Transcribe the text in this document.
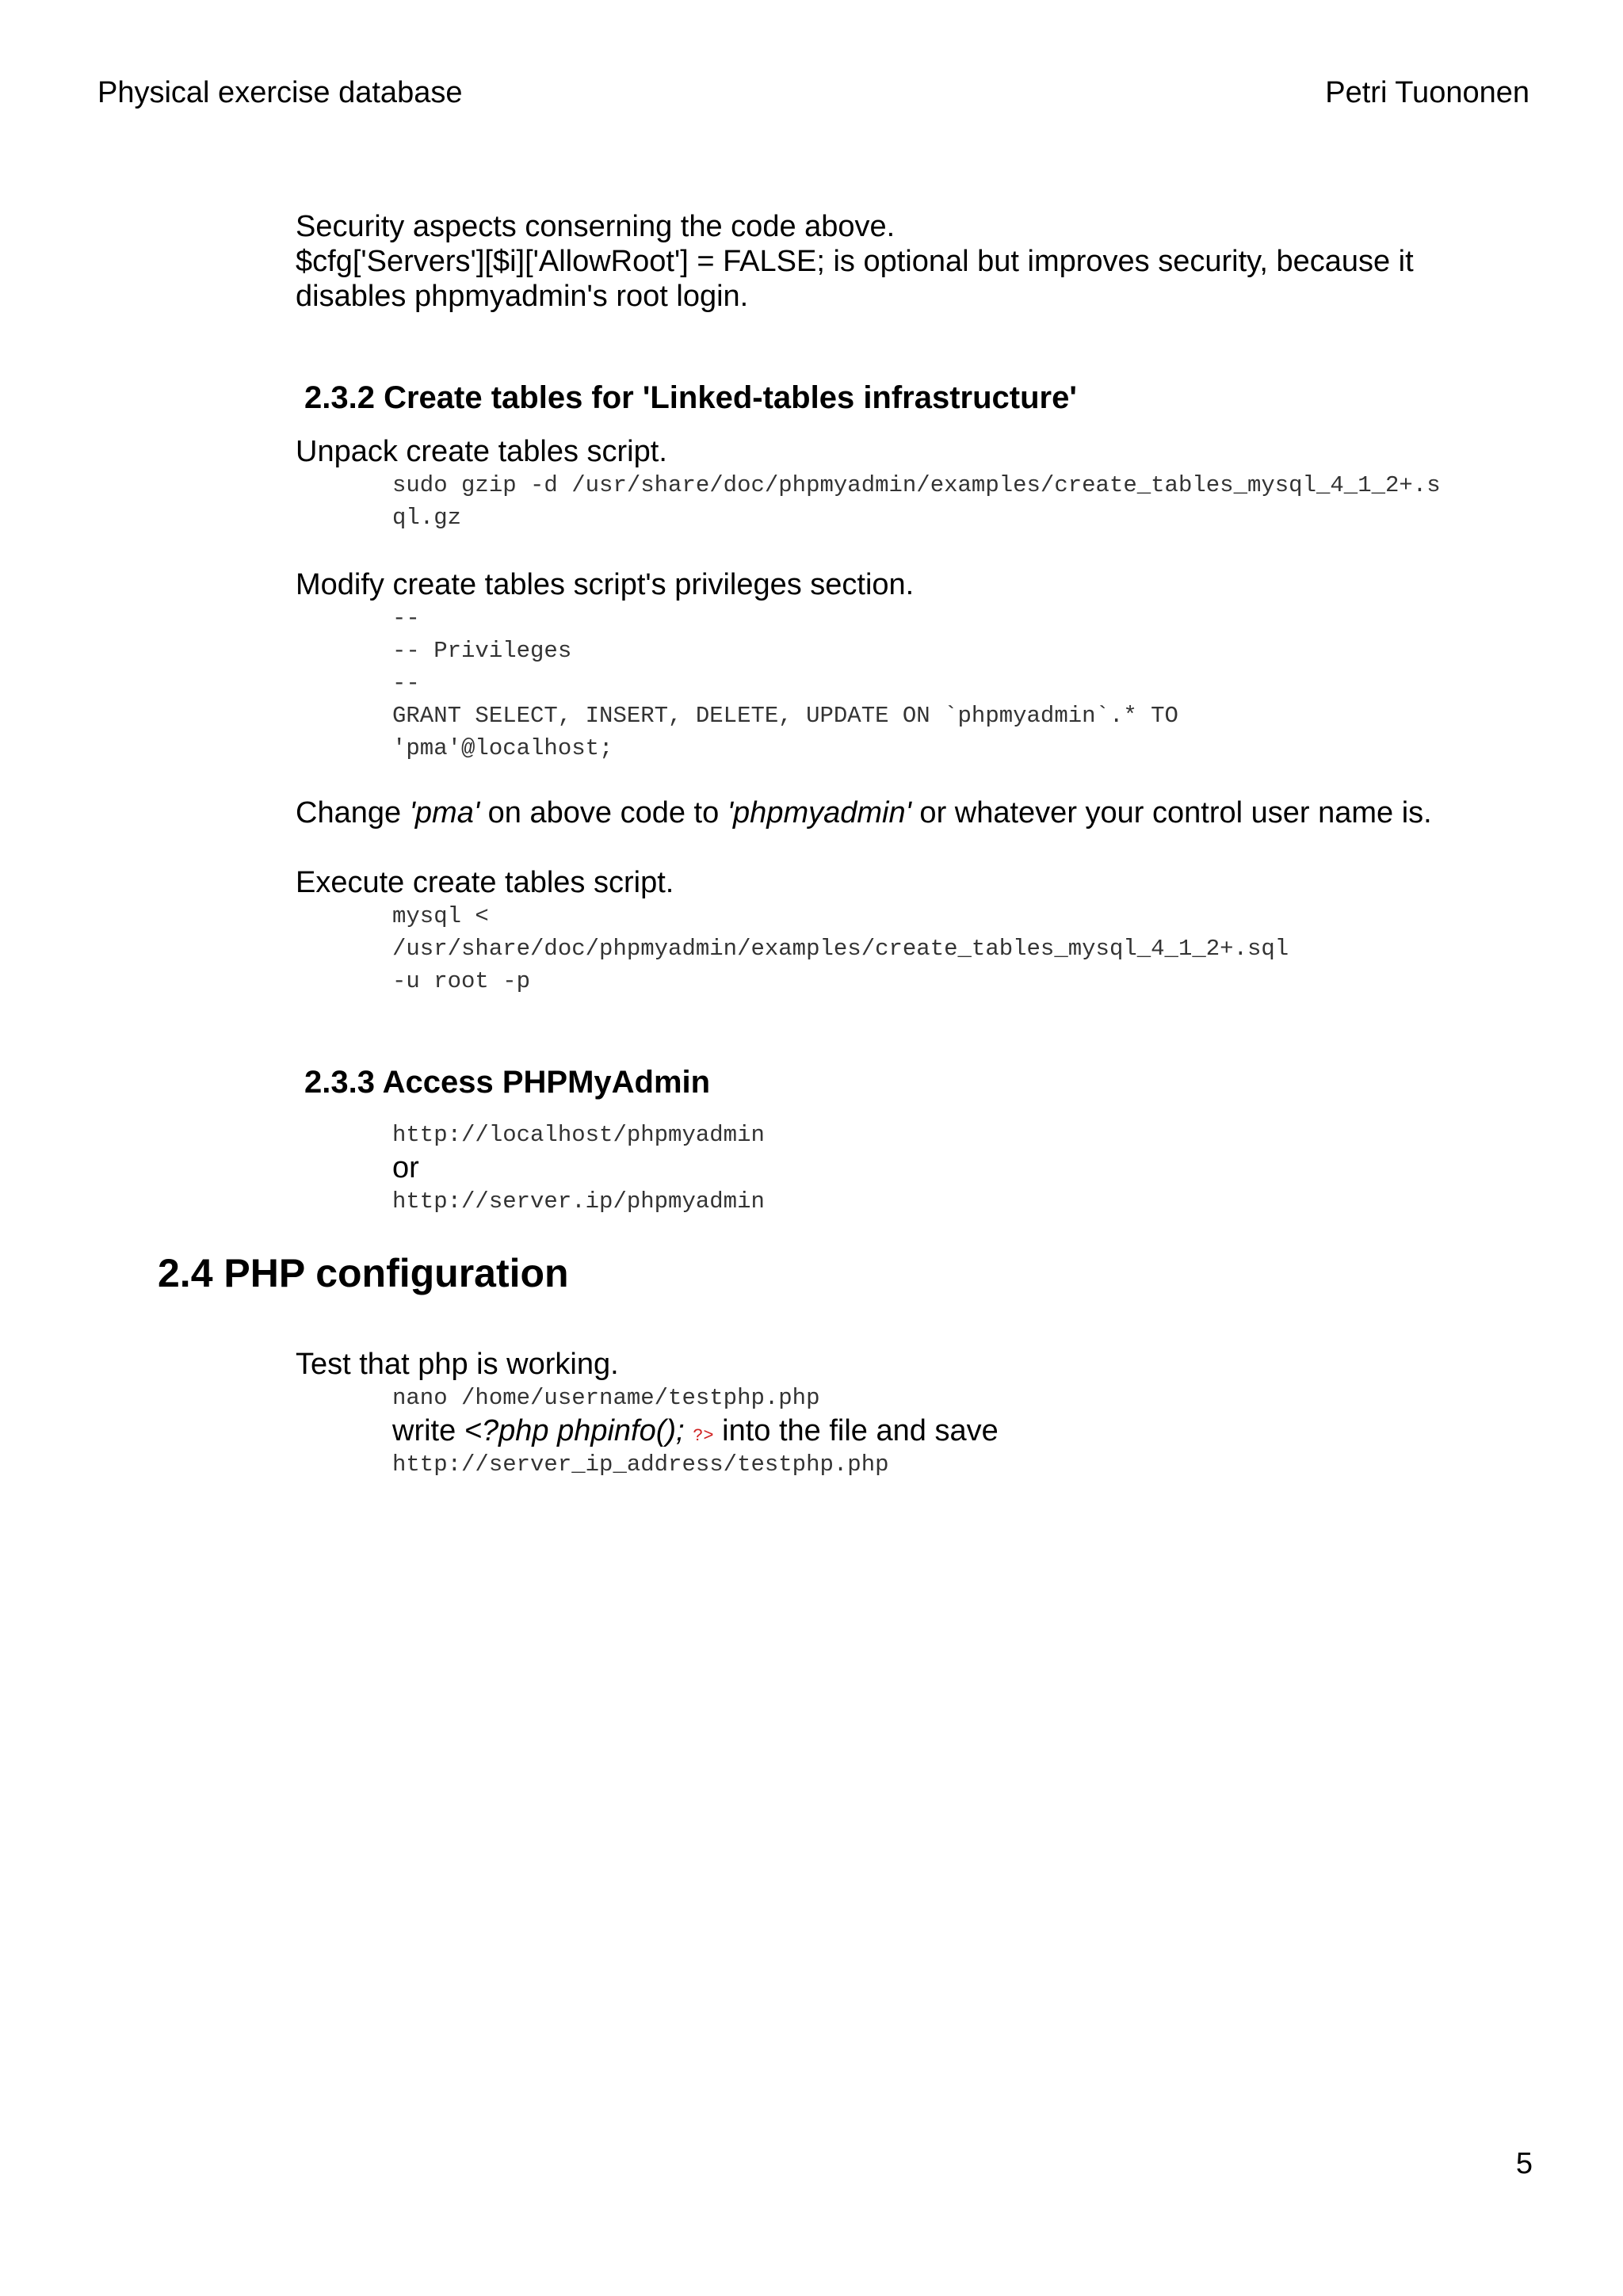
Physical exercise database	Petri Tuononen
Security aspects conserning the code above.
$cfg['Servers'][$i]['AllowRoot'] = FALSE; is optional but improves security, because it
disables phpmyadmin's root login.
2.3.2 Create tables for 'Linked-tables infrastructure'
Unpack create tables script.
sudo gzip -d /usr/share/doc/phpmyadmin/examples/create_tables_mysql_4_1_2+.s
ql.gz
Modify create tables script's privileges section.
--
-- Privileges
--
GRANT SELECT, INSERT, DELETE, UPDATE ON `phpmyadmin`.* TO
'pma'@localhost;
Change 'pma' on above code to 'phpmyadmin' or whatever your control user name is.
Execute create tables script.
mysql <
/usr/share/doc/phpmyadmin/examples/create_tables_mysql_4_1_2+.sql
-u root -p
2.3.3 Access PHPMyAdmin
http://localhost/phpmyadmin
or
http://server.ip/phpmyadmin
2.4 PHP configuration
Test that php is working.
nano /home/username/testphp.php
write <?php phpinfo(); ?> into the file and save
http://server_ip_address/testphp.php
5
